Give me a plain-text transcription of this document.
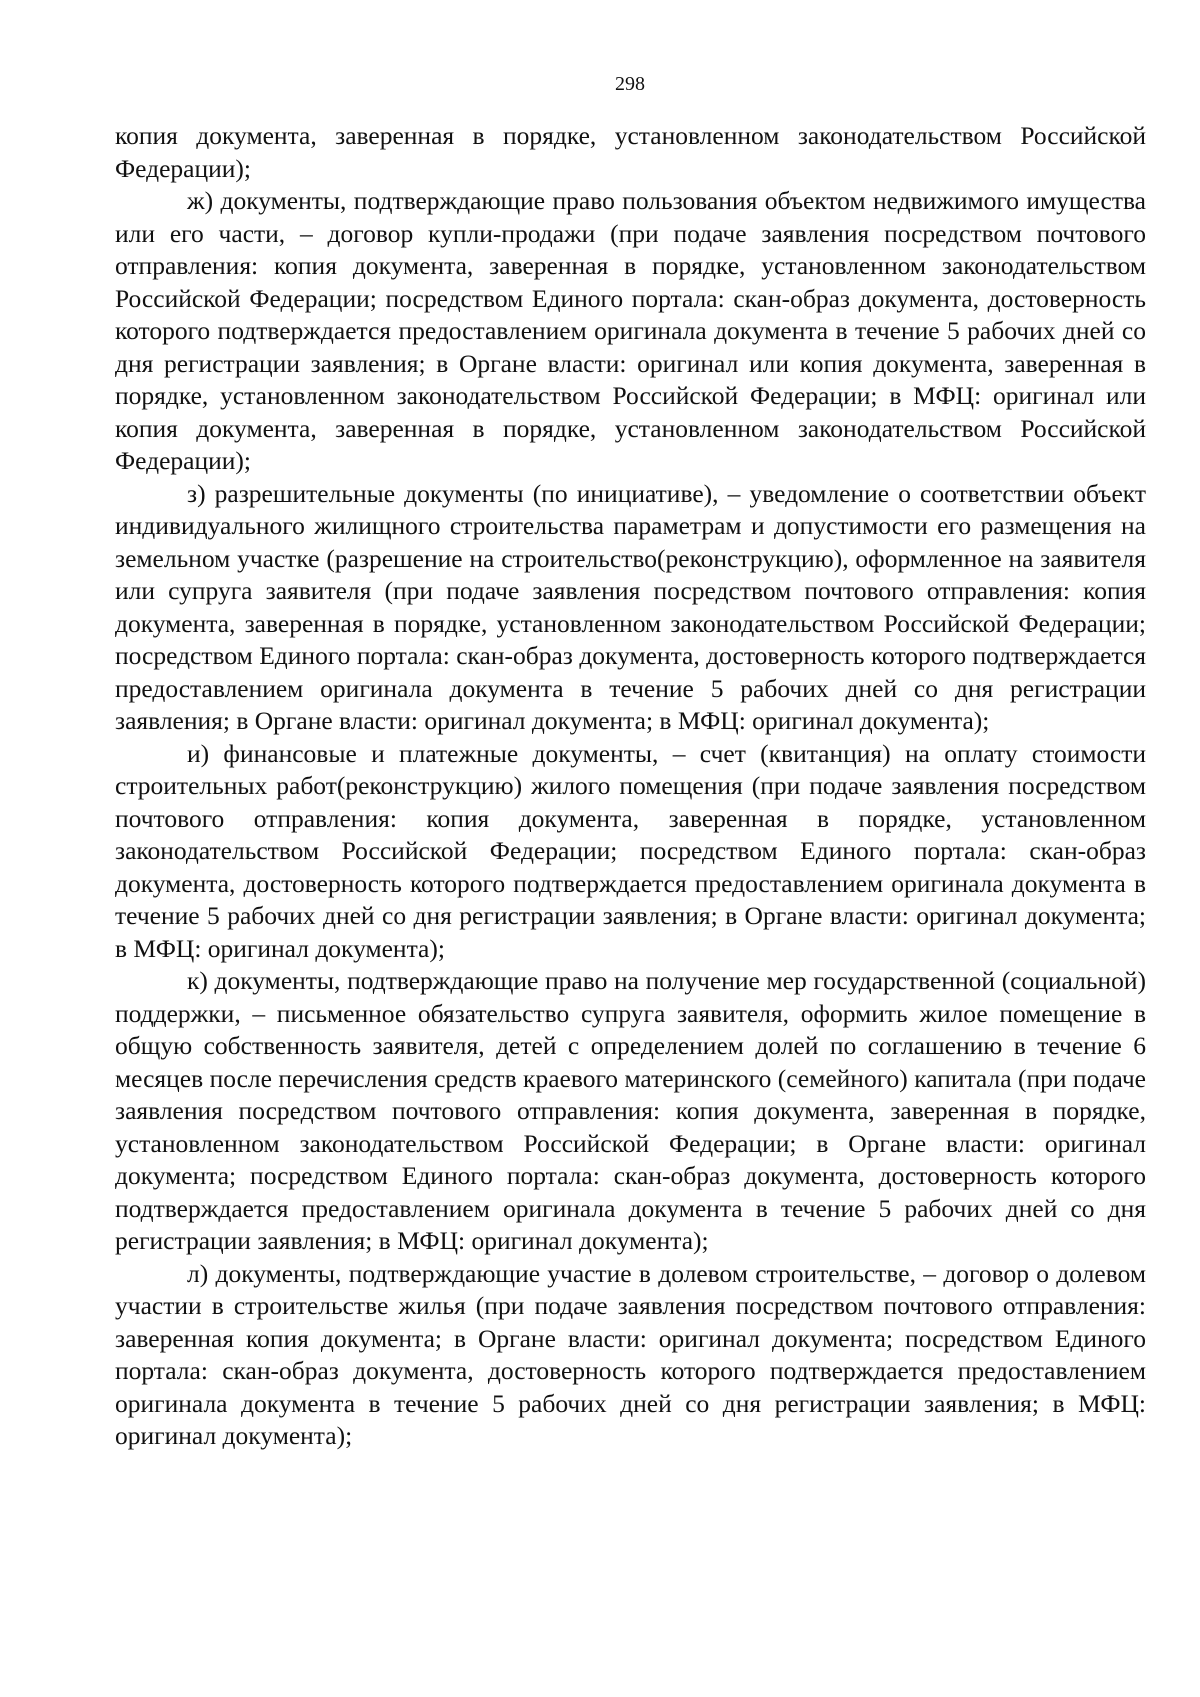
298

копия документа, заверенная в порядке, установленном законодательством Российской Федерации);

ж) документы, подтверждающие право пользования объектом недвижимого имущества или его части, – договор купли-продажи (при подаче заявления посредством почтового отправления: копия документа, заверенная в порядке, установленном законодательством Российской Федерации; посредством Единого портала: скан-образ документа, достоверность которого подтверждается предоставлением оригинала документа в течение 5 рабочих дней со дня регистрации заявления; в Органе власти: оригинал или копия документа, заверенная в порядке, установленном законодательством Российской Федерации; в МФЦ: оригинал или копия документа, заверенная в порядке, установленном законодательством Российской Федерации);

з) разрешительные документы (по инициативе), – уведомление о соответствии объект индивидуального жилищного строительства параметрам и допустимости его размещения на земельном участке (разрешение на строительство(реконструкцию), оформленное на заявителя или супруга заявителя (при подаче заявления посредством почтового отправления: копия документа, заверенная в порядке, установленном законодательством Российской Федерации; посредством Единого портала: скан-образ документа, достоверность которого подтверждается предоставлением оригинала документа в течение 5 рабочих дней со дня регистрации заявления; в Органе власти: оригинал документа; в МФЦ: оригинал документа);

и) финансовые и платежные документы, – счет (квитанция) на оплату стоимости строительных работ(реконструкцию) жилого помещения (при подаче заявления посредством почтового отправления: копия документа, заверенная в порядке, установленном законодательством Российской Федерации; посредством Единого портала: скан-образ документа, достоверность которого подтверждается предоставлением оригинала документа в течение 5 рабочих дней со дня регистрации заявления; в Органе власти: оригинал документа; в МФЦ: оригинал документа);

к) документы, подтверждающие право на получение мер государственной (социальной) поддержки, – письменное обязательство супруга заявителя, оформить жилое помещение в общую собственность заявителя, детей с определением долей по соглашению в течение 6 месяцев после перечисления средств краевого материнского (семейного) капитала (при подаче заявления посредством почтового отправления: копия документа, заверенная в порядке, установленном законодательством Российской Федерации; в Органе власти: оригинал документа; посредством Единого портала: скан-образ документа, достоверность которого подтверждается предоставлением оригинала документа в течение 5 рабочих дней со дня регистрации заявления; в МФЦ: оригинал документа);

л) документы, подтверждающие участие в долевом строительстве, – договор о долевом участии в строительстве жилья (при подаче заявления посредством почтового отправления: заверенная копия документа; в Органе власти: оригинал документа; посредством Единого портала: скан-образ документа, достоверность которого подтверждается предоставлением оригинала документа в течение 5 рабочих дней со дня регистрации заявления; в МФЦ: оригинал документа);
